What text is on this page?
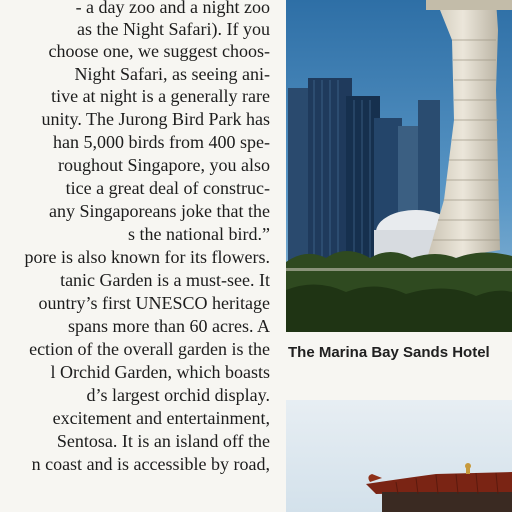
- a day zoo and a night zoo
as the Night Safari). If you
choose one, we suggest choos-
Night Safari, as seeing ani-
tive at night is a generally rare
unity. The Jurong Bird Park has
han 5,000 birds from 400 spe-
roughout Singapore, you also
tice a great deal of construc-
any Singaporeans joke that the
s the national bird.”
pore is also known for its flowers.
tanic Garden is a must-see. It
ountry’s first UNESCO heritage
spans more than 60 acres. A
ection of the overall garden is the
l Orchid Garden, which boasts
d’s largest orchid display.
excitement and entertainment,
Sentosa. It is an island off the
n coast and is accessible by road,
The Marina Bay Sands Hotel
